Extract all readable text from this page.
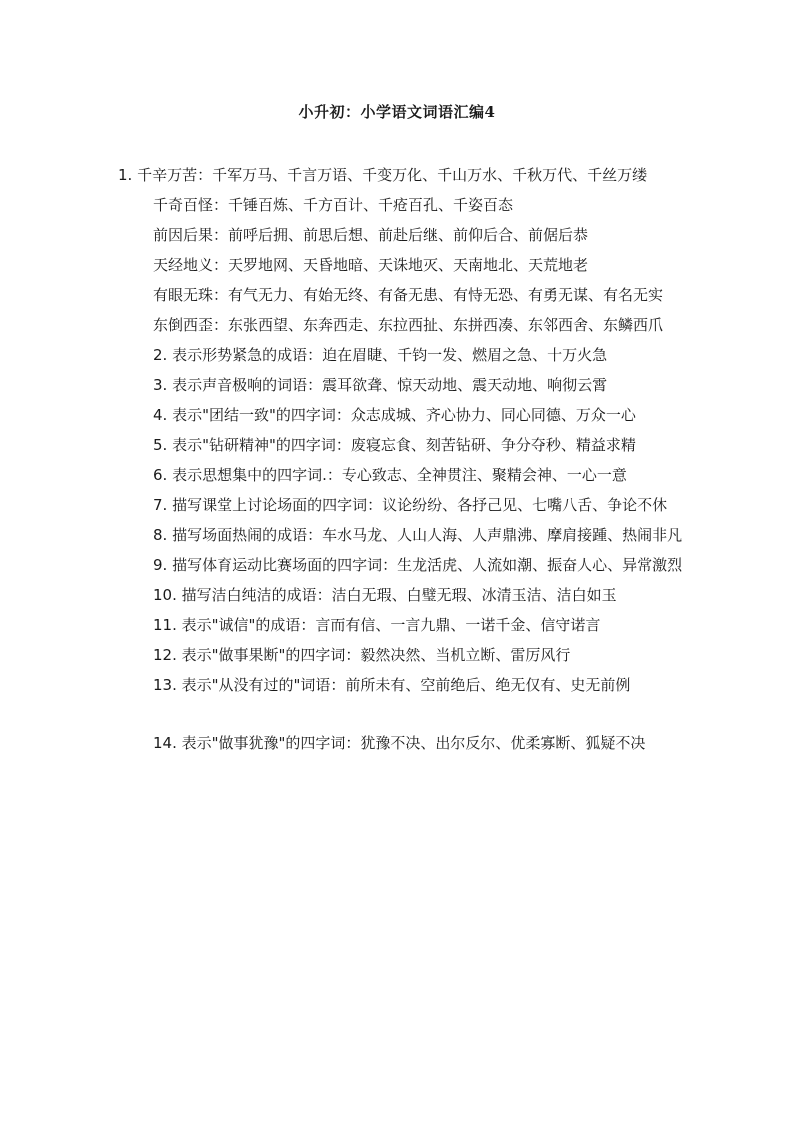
小升初：小学语文词语汇编4

1. 千辛万苦：千军万马、千言万语、千变万化、千山万水、千秋万代、千丝万缕

千奇百怪：千锤百炼、千方百计、千疮百孔、千姿百态

前因后果：前呼后拥、前思后想、前赴后继、前仰后合、前倨后恭

天经地义：天罗地网、天昏地暗、天诛地灭、天南地北、天荒地老

有眼无珠：有气无力、有始无终、有备无患、有恃无恐、有勇无谋、有名无实

东倒西歪：东张西望、东奔西走、东拉西扯、东拼西凑、东邻西舍、东鳞西爪

2. 表示形势紧急的成语：迫在眉睫、千钧一发、燃眉之急、十万火急

3. 表示声音极响的词语：震耳欲聋、惊天动地、震天动地、响彻云霄

4. 表示"团结一致"的四字词：众志成城、齐心协力、同心同德、万众一心

5. 表示"钻研精神"的四字词：废寝忘食、刻苦钻研、争分夺秒、精益求精

6. 表示思想集中的四字词.：专心致志、全神贯注、聚精会神、一心一意

7. 描写课堂上讨论场面的四字词：议论纷纷、各抒己见、七嘴八舌、争论不休

8. 描写场面热闹的成语：车水马龙、人山人海、人声鼎沸、摩肩接踵、热闹非凡

9. 描写体育运动比赛场面的四字词：生龙活虎、人流如潮、振奋人心、异常激烈

10. 描写洁白纯洁的成语：洁白无瑕、白璧无瑕、冰清玉洁、洁白如玉

11. 表示"诚信"的成语：言而有信、一言九鼎、一诺千金、信守诺言

12. 表示"做事果断"的四字词：毅然决然、当机立断、雷厉风行

13. 表示"从没有过的"词语：前所未有、空前绝后、绝无仅有、史无前例

14. 表示"做事犹豫"的四字词：犹豫不决、出尔反尔、优柔寡断、狐疑不决
